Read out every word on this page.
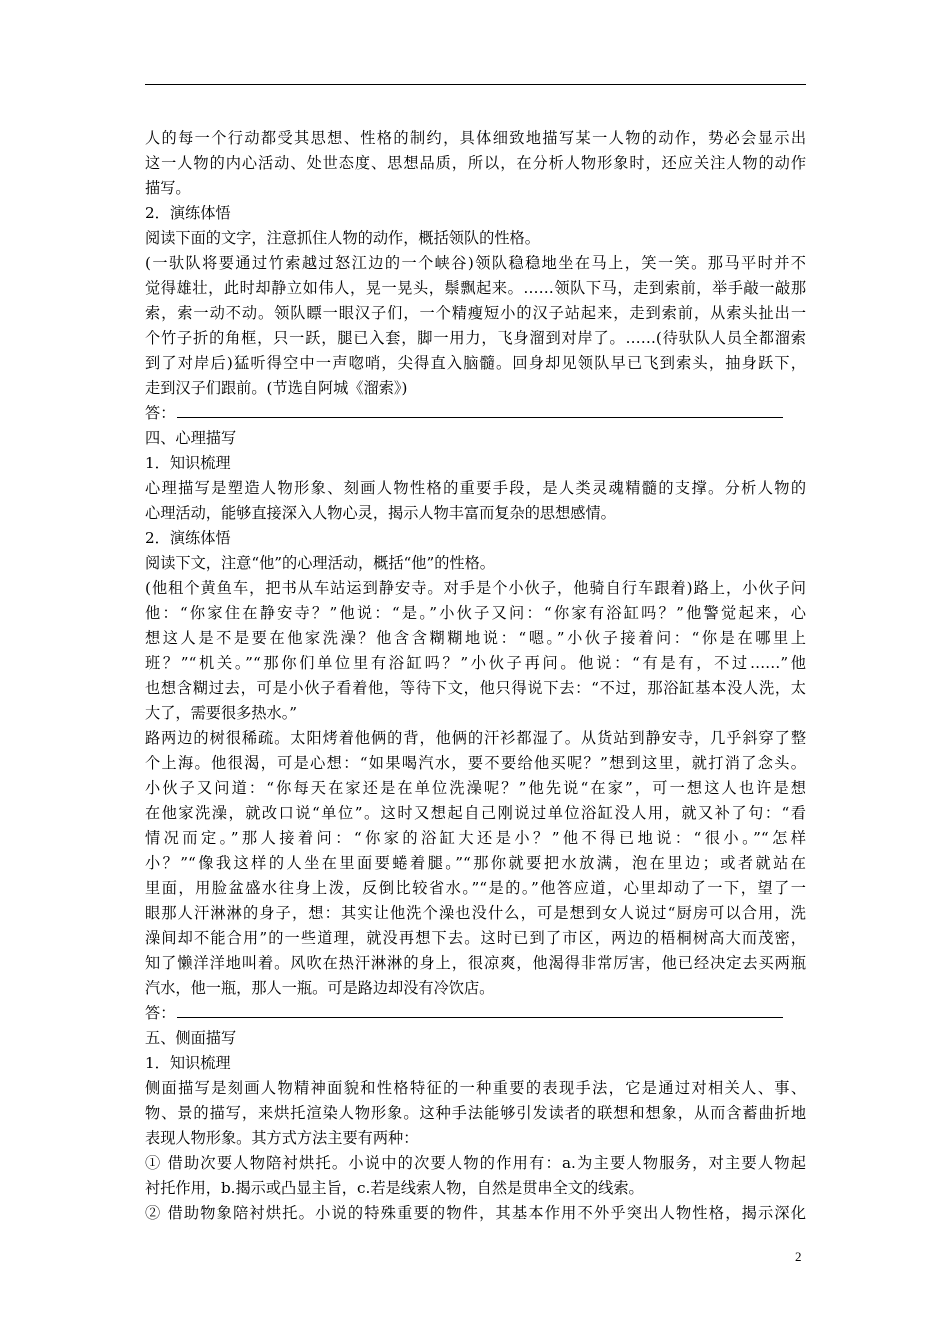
人的每一个行动都受其思想、性格的制约，具体细致地描写某一人物的动作，势必会显示出
这一人物的内心活动、处世态度、思想品质，所以，在分析人物形象时，还应关注人物的动作
描写。
2．演练体悟
阅读下面的文字，注意抓住人物的动作，概括领队的性格。
(一驮队将要通过竹索越过怒江边的一个峡谷)领队稳稳地坐在马上，笑一笑。那马平时并不
觉得雄壮，此时却静立如伟人，晃一晃头，鬃飘起来。……领队下马，走到索前，举手敲一敲那
索，索一动不动。领队瞟一眼汉子们，一个精瘦短小的汉子站起来，走到索前，从索头扯出一
个竹子折的角框，只一跃，腿已入套，脚一用力，飞身溜到对岸了。……(待驮队人员全都溜索
到了对岸后)猛听得空中一声唿哨，尖得直入脑髓。回身却见领队早已飞到索头，抽身跃下，
走到汉子们跟前。(节选自阿城《溜索》)
答：
四、心理描写
1．知识梳理
心理描写是塑造人物形象、刻画人物性格的重要手段，是人类灵魂精髓的支撑。分析人物的
心理活动，能够直接深入人物心灵，揭示人物丰富而复杂的思想感情。
2．演练体悟
阅读下文，注意“他”的心理活动，概括“他”的性格。
(他租个黄鱼车，把书从车站运到静安寺。对手是个小伙子，他骑自行车跟着)路上，小伙子问
他：“你家住在静安寺？”他说：“是。”小伙子又问：“你家有浴缸吗？”他警觉起来，心
想这人是不是要在他家洗澡？他含含糊糊地说：“嗯。”小伙子接着问：“你是在哪里上
班？”“机关。”“那你们单位里有浴缸吗？”小伙子再问。他说：“有是有，不过……”他
也想含糊过去，可是小伙子看着他，等待下文，他只得说下去：“不过，那浴缸基本没人洗，太
大了，需要很多热水。”
路两边的树很稀疏。太阳烤着他俩的背，他俩的汗衫都湿了。从货站到静安寺，几乎斜穿了整
个上海。他很渴，可是心想：“如果喝汽水，要不要给他买呢？”想到这里，就打消了念头。
小伙子又问道：“你每天在家还是在单位洗澡呢？”他先说“在家”，可一想这人也许是想
在他家洗澡，就改口说“单位”。这时又想起自己刚说过单位浴缸没人用，就又补了句：“看
情况而定。”那人接着问：“你家的浴缸大还是小？”他不得已地说：“很小。”“怎样
小？”“像我这样的人坐在里面要蜷着腿。”“那你就要把水放满，泡在里边；或者就站在
里面，用脸盆盛水往身上泼，反倒比较省水。”“是的。”他答应道，心里却动了一下，望了一
眼那人汗淋淋的身子，想：其实让他洗个澡也没什么，可是想到女人说过“厨房可以合用，洗
澡间却不能合用”的一些道理，就没再想下去。这时已到了市区，两边的梧桐树高大而茂密，
知了懒洋洋地叫着。风吹在热汗淋淋的身上，很凉爽，他渴得非常厉害，他已经决定去买两瓶
汽水，他一瓶，那人一瓶。可是路边却没有冷饮店。
答：
五、侧面描写
1．知识梳理
侧面描写是刻画人物精神面貌和性格特征的一种重要的表现手法，它是通过对相关人、事、
物、景的描写，来烘托渲染人物形象。这种手法能够引发读者的联想和想象，从而含蓄曲折地
表现人物形象。其方式方法主要有两种：
① 借助次要人物陪衬烘托。小说中的次要人物的作用有：a.为主要人物服务，对主要人物起
衬托作用，b.揭示或凸显主旨，c.若是线索人物，自然是贯串全文的线索。
② 借助物象陪衬烘托。小说的特殊重要的物件，其基本作用不外乎突出人物性格，揭示深化
2
